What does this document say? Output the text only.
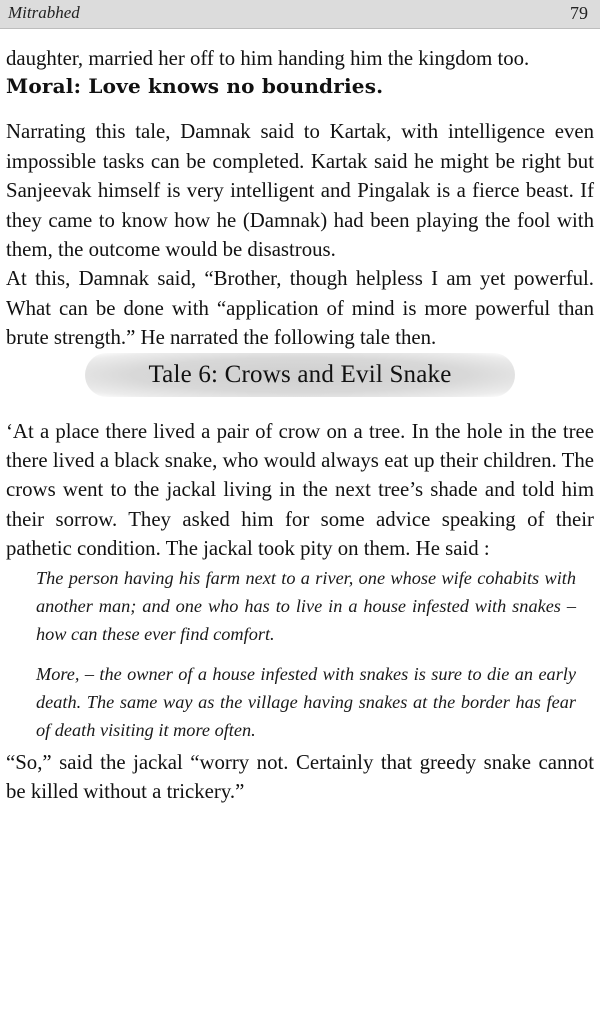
Mitrabhed	79

daughter, married her off to him handing him the kingdom too.

Moral: Love knows no boundries.

Narrating this tale, Damnak said to Kartak, with intelligence even impossible tasks can be completed. Kartak said he might be right but Sanjeevak himself is very intelligent and Pingalak is a fierce beast. If they came to know how he (Damnak) had been playing the fool with them, the outcome would be disastrous.

At this, Damnak said, “Brother, though helpless I am yet powerful. What can be done with “application of mind is more powerful than brute strength.” He narrated the following tale then.

Tale 6: Crows and Evil Snake

‘At a place there lived a pair of crow on a tree. In the hole in the tree there lived a black snake, who would always eat up their children. The crows went to the jackal living in the next tree’s shade and told him their sorrow. They asked him for some advice speaking of their pathetic condition. The jackal took pity on them. He said :

The person having his farm next to a river, one whose wife cohabits with another man; and one who has to live in a house infested with snakes – how can these ever find comfort.

More, – the owner of a house infested with snakes is sure to die an early death. The same way as the village having snakes at the border has fear of death visiting it more often.

“So,” said the jackal “worry not. Certainly that greedy snake cannot be killed without a trickery.”
